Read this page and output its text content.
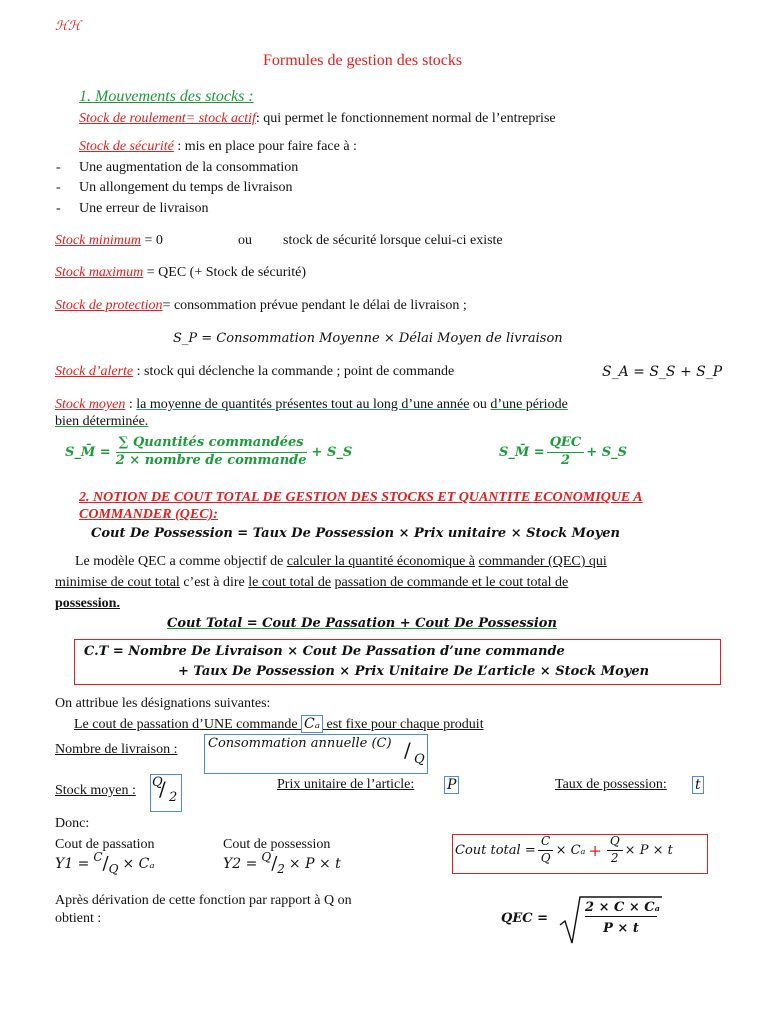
ℋℋ
Formules de gestion des stocks
1. Mouvements des stocks :
Stock de roulement= stock actif: qui permet le fonctionnement normal de l’entreprise
Stock de sécurité : mis en place pour faire face à :
- Une augmentation de la consommation
- Un allongement du temps de livraison
- Une erreur de livraison
Stock minimum = 0	ou stock de sécurité lorsque celui-ci existe
Stock maximum = QEC (+ Stock de sécurité)
Stock de protection= consommation prévue pendant le délai de livraison ;
S_P = Consommation Moyenne × Délai Moyen de livraison
Stock d’alerte : stock qui déclenche la commande ; point de commande	S_A = S_S + S_P
Stock moyen : la moyenne de quantités présentes tout au long d’une année ou d’une période
bien déterminée.
S_M̄ = $\frac{\text{∑ Quantités commandées}}{\text{2 × nombre de commande}}$ + S_S	S_M̄ = $\frac{\text{QEC}}{2}$ + S_S
2. NOTION DE COUT TOTAL DE GESTION DES STOCKS ET QUANTITE ECONOMIQUE A
COMMANDER (QEC):
Cout De Possession = Taux De Possession × Prix unitaire × Stock Moyen
Le modèle QEC a comme objectif de calculer la quantité économique à commander (QEC) qui
minimise de cout total c’est à dire le cout total de passation de commande et le cout total de
possession.
Cout Total = Cout De Passation + Cout De Possession
C.T = Nombre De Livraison × Cout De Passation d’une commande
+ Taux De Possession × Prix Unitaire De L’article × Stock Moyen
On attribue les désignations suivantes:
Le cout de passation d’UNE commande Cₐ est fixe pour chaque produit
Nombre de livraison : Consommation annuelle (C) / Q
Stock moyen :
Q
/ 2
Prix unitaire de l’article: P	Taux de possession: t
Donc:
Cout de passation
Y1 = C / Q × Cₐ
Cout de possession
Y2 = Q / 2 × P × t
Cout total = $\frac{C}{Q} \times C_a + \frac{Q}{2} \times P \times t$
Après dérivation de cette fonction par rapport à Q on
obtient :	QEC =
2 × C × Cₐ
P × t
